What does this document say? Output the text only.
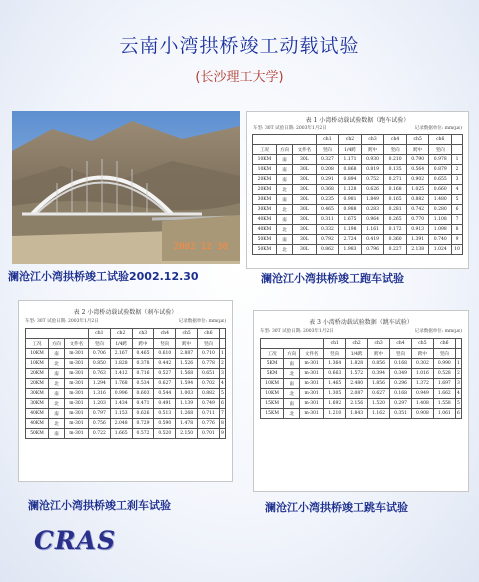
云南小湾拱桥竣工动载试验
(长沙理工大学)
2002 12 30
澜沧江小湾拱桥竣工试验2002.12.30
表 1 小湾桥动载试验数据（跑车试验）
车型: 30T 试验日期: 2003年1月2日	记录数据单位: mm(με)
			ch1	ch2	ch3	ch4	ch5	ch6	
工况	方向	文件名	竖向	1/4跨	跨中	竖向	跨中	竖向	
10KM	南	30L	0.327	1.171	0.930	0.210	0.790	0.978	1
10KM	南	30L	0.208	0.868	0.819	0.135	0.564	0.879	2
20KM	南	30L	0.291	0.894	0.752	0.271	0.902	0.655	3
20KM	北	30L	0.368	1.128	0.626	0.168	1.025	0.660	4
30KM	南	30L	0.235	0.981	1.849	0.165	0.882	1.480	5
30KM	北	30L	0.465	0.988	0.283	0.281	0.742	0.280	6
40KM	南	30L	0.311	1.675	0.964	0.265	0.770	1.108	7
40KM	北	30L	0.332	1.198	1.161	0.172	0.913	1.098	8
50KM	南	30L	0.792	2.724	0.419	0.360	1.391	0.740	9
50KM	北	30L	0.862	1.983	0.796	0.227	2.138	1.024	10
澜沧江小湾拱桥竣工跑车试验
表 2 小湾桥动载试验数据（刹车试验）
车型: 30T 试验日期: 2003年1月2日	记录数据单位: mm(με)
			ch1	ch2	ch3	ch4	ch5	ch6	
工况	方向	文件名	竖向	1/4跨	跨中	竖向	跨中	竖向	
10KM	南	m-301	0.706	2.167	0.465	0.610	2.887	0.710	1
10KM	北	m-301	0.850	1.828	0.378	0.442	1.526	0.778	2
20KM	南	m-301	0.763	1.412	0.716	0.527	1.568	0.651	3
20KM	北	m-301	1.294	1.768	0.534	0.627	1.594	0.702	4
30KM	南	m-301	1.316	0.996	0.603	0.544	1.003	0.882	5
30KM	北	m-301	1.203	1.434	0.471	0.491	1.139	0.749	6
40KM	南	m-301	0.797	1.153	0.626	0.513	1.268	0.711	7
40KM	北	m-301	0.756	2.048	0.729	0.590	1.478	0.776	8
50KM	南	m-301	0.722	1.665	0.572	0.520	2.150	0.701	9
澜沧江小湾拱桥竣工刹车试验
表 3 小湾桥动载试验数据（跳车试验）
车型: 30T 试验日期: 2003年1月2日	记录数据单位: mm(με)
			ch1	ch2	ch3	ch4	ch5	ch6	
工况	方向	文件名	竖向	1/4跨	跨中	竖向	跨中	竖向	
5KM	南	m-301	1.364	1.828	0.856	0.168	0.302	0.990	1
5KM	北	m-301	0.663	1.572	0.394	0.349	1.016	0.528	2
10KM	南	m-301	1.465	2.480	1.856	0.296	1.372	1.697	3
10KM	北	m-301	1.305	2.087	0.627	0.168	0.949	1.662	4
15KM	南	m-301	1.692	2.156	1.520	0.297	1.408	1.558	5
15KM	北	m-301	1.210	1.843	1.162	0.351	0.908	1.061	6
澜沧江小湾拱桥竣工跳车试验
CRAS
